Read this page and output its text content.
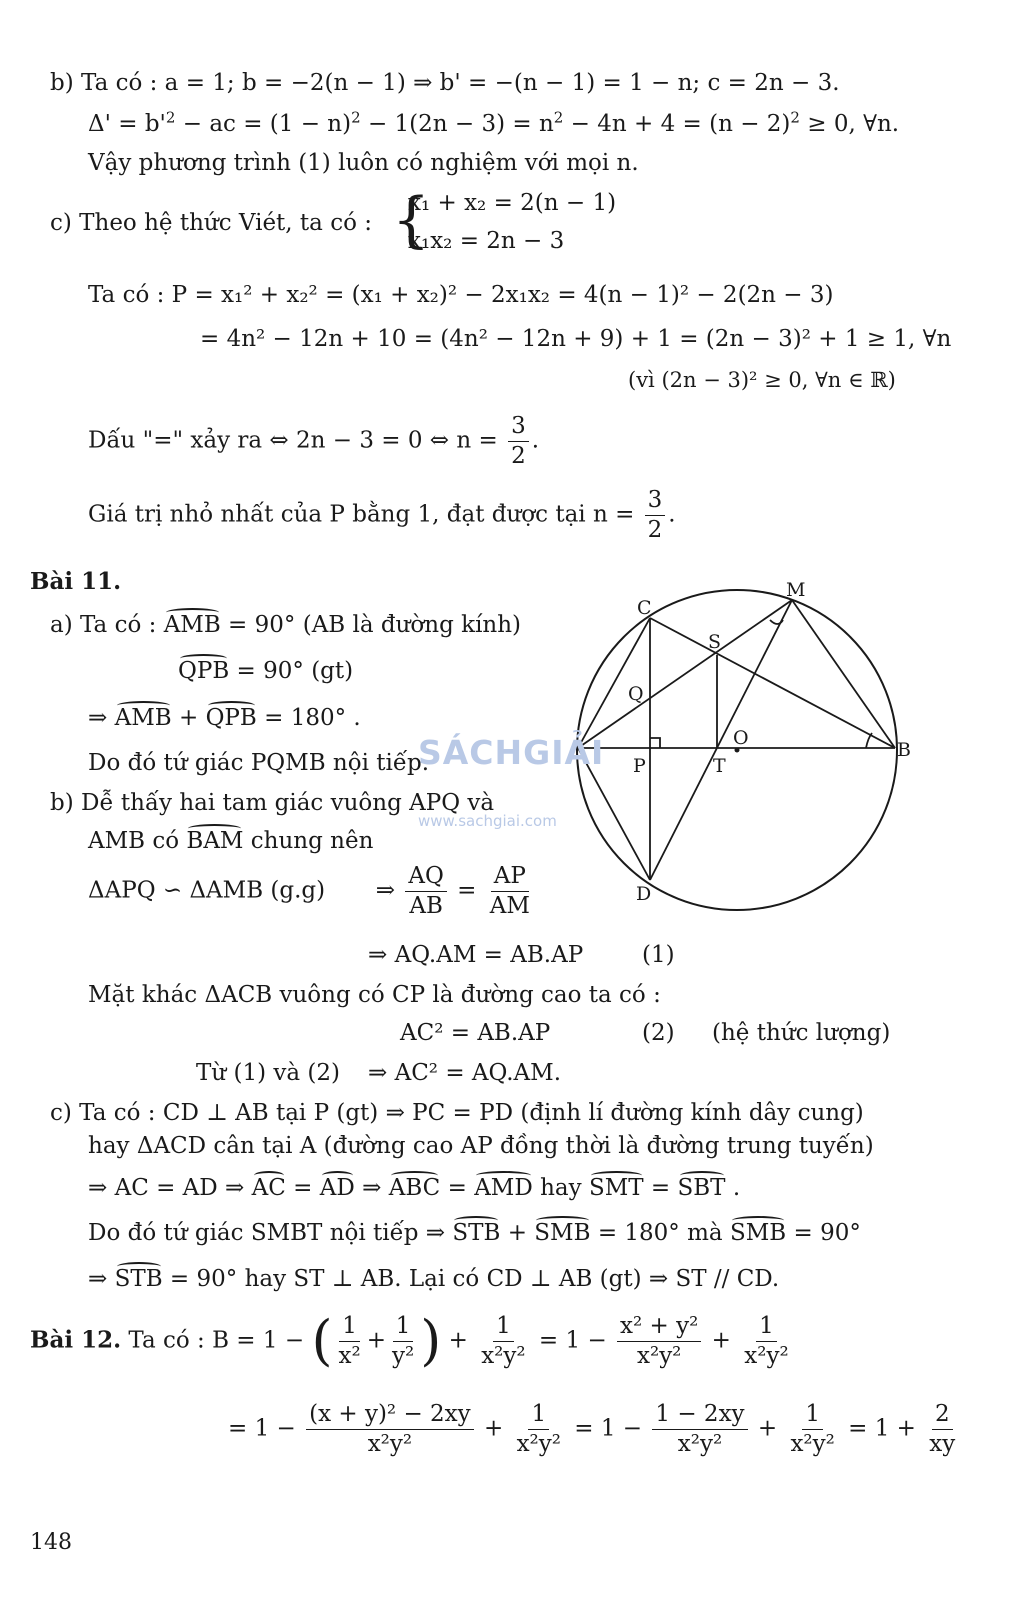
b) Ta có : a = 1; b = −2(n − 1) ⇒ b' = −(n − 1) = 1 − n; c = 2n − 3.
$\Delta' = b'^2$ − ac = $(1 - n)^2 - 1(2n - 3) = n^2 - 4n + 4 = (n - 2)^2 \ge 0$, ∀n.
Vậy phương trình (1) luôn có nghiệm với mọi n.
c) Theo hệ thức Viét, ta có : {
x₁ + x₂ = 2(n − 1)
x₁x₂ = 2n − 3
Ta có : P = x₁² + x₂² = (x₁ + x₂)² − 2x₁x₂ = 4(n − 1)² − 2(2n − 3)
= 4n² − 12n + 10 = (4n² − 12n + 9) + 1 = (2n − 3)² + 1 ≥ 1, ∀n
(vì (2n − 3)² ≥ 0, ∀n ∈ ℝ)
Dấu "=" xảy ra ⇔ 2n − 3 = 0 ⇔ $n = \frac{3}{2}$ .
Giá trị nhỏ nhất của P bằng 1, đạt được tại $n = \frac{3}{2}$ .
Bài 11.
a) Ta có : AMB = 90° (AB là đường kính)
QPB = 90° (gt)
⇒ AMB + QPB = 180° .
Do đó tứ giác PQMB nội tiếp.
b) Dễ thấy hai tam giác vuông APQ và
AMB có BAM chung nên
ΔAPQ ∽ ΔAMB (g.g) ⇒ $\frac{AQ}{AB} = \frac{AP}{AM}$
⇒ AQ.AM = AB.AP	(1)
Mặt khác ΔACB vuông có CP là đường cao ta có :
AC² = AB.AP	(2) (hệ thức lượng)
Từ (1) và (2) ⇒ AC² = AQ.AM.
c) Ta có : CD ⊥ AB tại P (gt) ⇒ PC = PD (định lí đường kính dây cung)
hay ΔACD cân tại A (đường cao AP đồng thời là đường trung tuyến)
⇒ AC = AD ⇒ AC = AD ⇒ ABC = AMD hay SMT = SBT .
Do đó tứ giác SMBT nội tiếp ⇒ STB + SMB = 180° mà SMB = 90°
⇒ STB = 90° hay ST ⊥ AB. Lại có CD ⊥ AB (gt) ⇒ ST // CD.
Bài 12. Ta có : B = 1 − ( $\frac{1}{\text{x²}} + \frac{1}{\text{y²}}$ ) + $\frac{1}{\text{x²y²}} = 1 - \frac{\text{x² + y²}}{\text{x²y²}} + \frac{1}{\text{x²y²}}$
= $1 - \frac{\text{(x + y)² − 2xy}}{\text{x²y²}} + \frac{1}{\text{x²y²}} = 1 - \frac{1 - 2xy}{\text{x²y²}} + \frac{1}{\text{x²y²}} = 1 + \frac{2}{xy}$
148
B
C
D
M
S
Q
P	T
O
SÁCHGIẢI
www.sachgiai.com
